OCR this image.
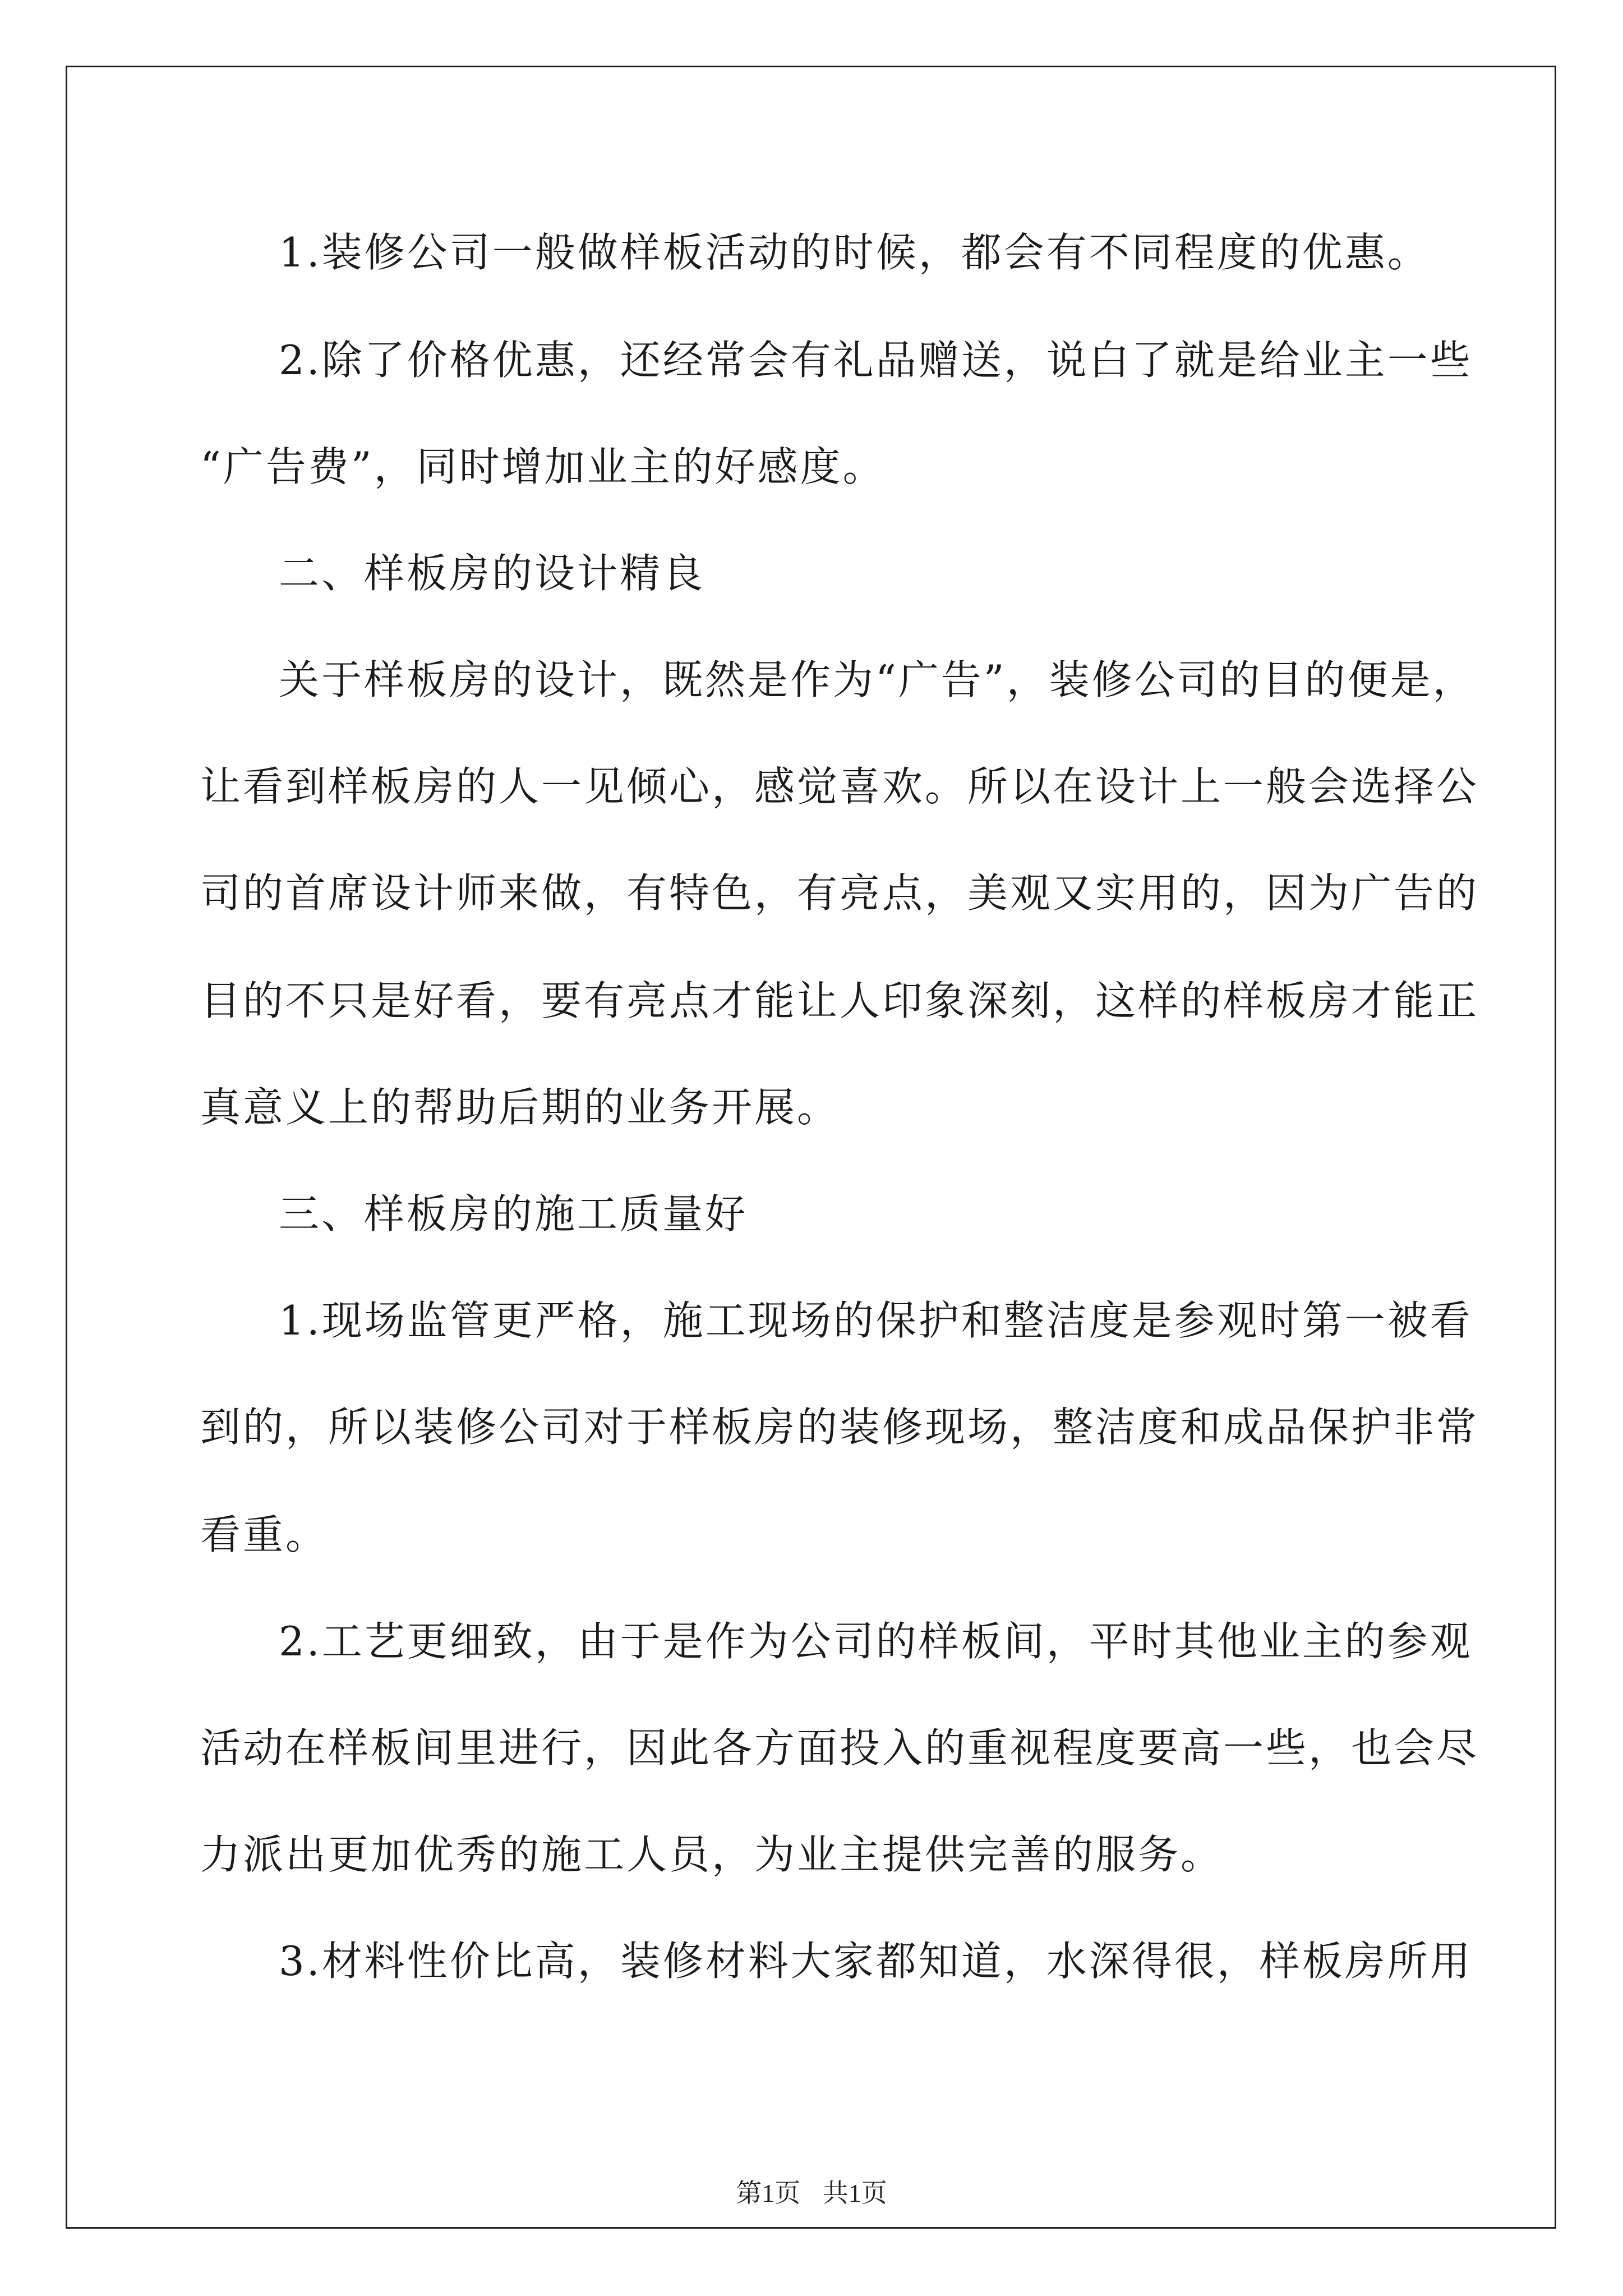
1.装修公司一般做样板活动的时候，都会有不同程度的优惠。
2.除了价格优惠，还经常会有礼品赠送，说白了就是给业主一些
“广告费”，同时增加业主的好感度。
二、样板房的设计精良
关于样板房的设计，既然是作为“广告”，装修公司的目的便是，
让看到样板房的人一见倾心，感觉喜欢。所以在设计上一般会选择公
司的首席设计师来做，有特色，有亮点，美观又实用的，因为广告的
目的不只是好看，要有亮点才能让人印象深刻，这样的样板房才能正
真意义上的帮助后期的业务开展。
三、样板房的施工质量好
1.现场监管更严格，施工现场的保护和整洁度是参观时第一被看
到的，所以装修公司对于样板房的装修现场，整洁度和成品保护非常
看重。
2.工艺更细致，由于是作为公司的样板间，平时其他业主的参观
活动在样板间里进行，因此各方面投入的重视程度要高一些，也会尽
力派出更加优秀的施工人员，为业主提供完善的服务。
3.材料性价比高，装修材料大家都知道，水深得很，样板房所用
第1页 共1页
